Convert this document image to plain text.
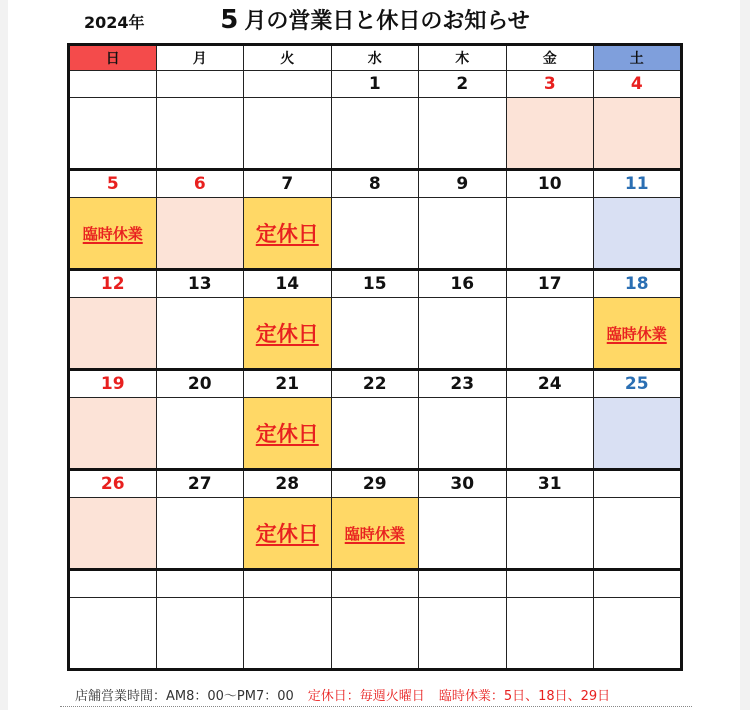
2024年	5 月の営業日と休日のお知らせ
日	月	火	水	木	金	土
			1	2	3	4

5	6	7	8	9	10	11
臨時休業		定休日				
12	13	14	15	16	17	18
		定休日				臨時休業
19	20	21	22	23	24	25
		定休日				
26	27	28	29	30	31	
		定休日	臨時休業			

店舗営業時間：AM8：00〜PM7：00 定休日：毎週火曜日 臨時休業：5日、18日、29日
